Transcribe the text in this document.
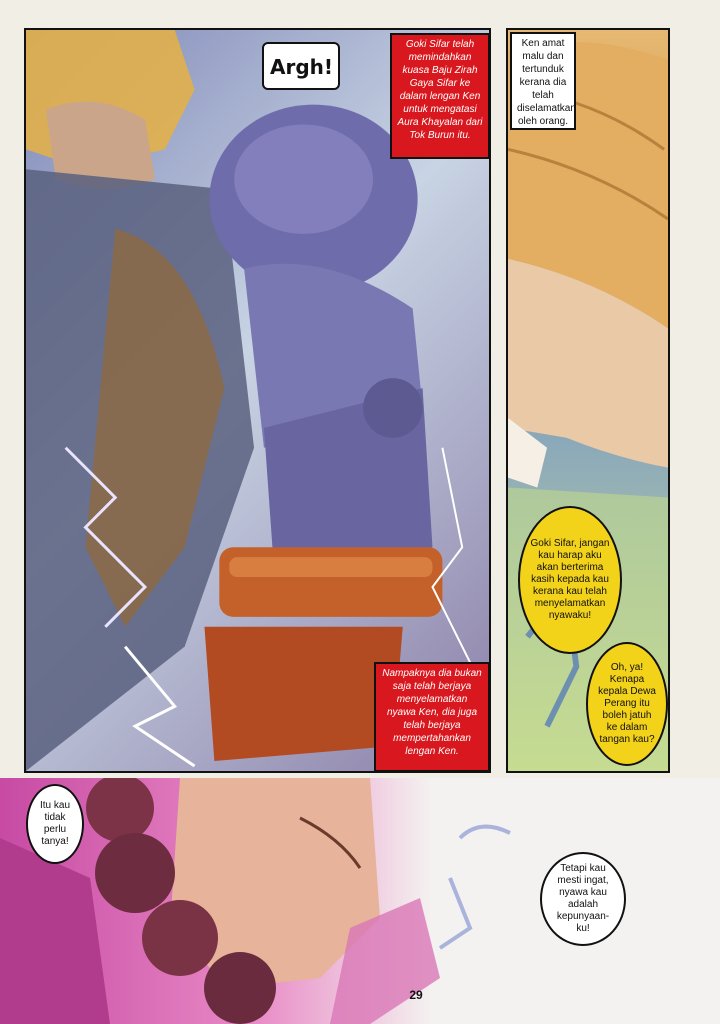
Argh!
Goki Sifar telah memindahkan kuasa Baju Zirah Gaya Sifar ke dalam lengan Ken untuk mengatasi Aura Khayalan dari Tok Burun itu.
Nampaknya dia bukan saja telah berjaya menyelamatkan nyawa Ken, dia juga telah berjaya mempertahankan lengan Ken.
Ken amat malu dan tertunduk kerana dia telah diselamatkan oleh orang.
Goki Sifar, jangan kau harap aku akan berterima kasih kepada kau kerana kau telah menyelamatkan nyawaku!
Oh, ya! Kenapa kepala Dewa Perang itu boleh jatuh ke dalam tangan kau?
Itu kau tidak perlu tanya!
Tetapi kau mesti ingat, nyawa kau adalah kepunyaan-ku!
29
